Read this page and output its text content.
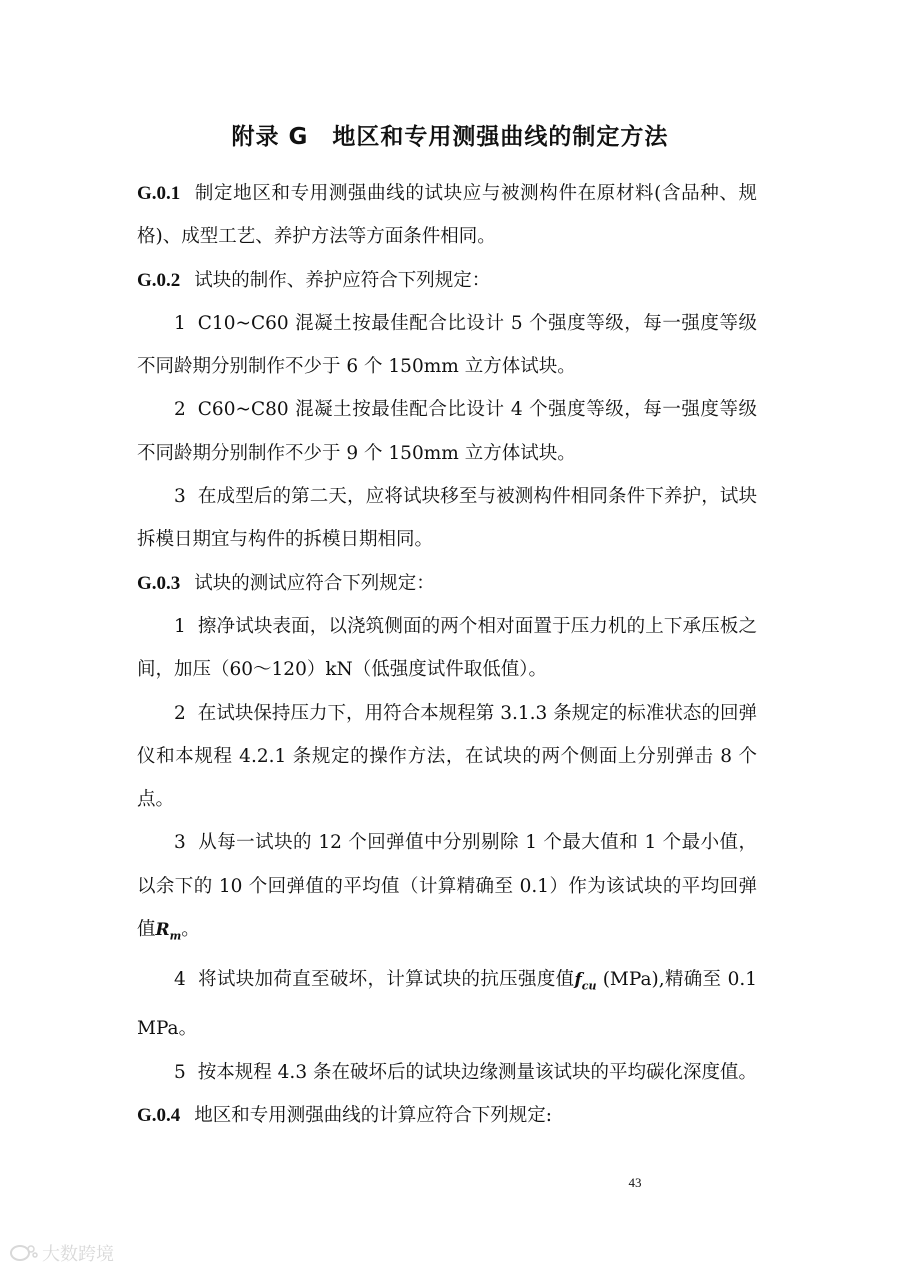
附录 G　地区和专用测强曲线的制定方法

G.0.1 制定地区和专用测强曲线的试块应与被测构件在原材料(含品种、规格)、成型工艺、养护方法等方面条件相同。

G.0.2 试块的制作、养护应符合下列规定：

1 C10~C60 混凝土按最佳配合比设计 5 个强度等级，每一强度等级不同龄期分别制作不少于 6 个 150mm 立方体试块。

2 C60~C80 混凝土按最佳配合比设计 4 个强度等级，每一强度等级不同龄期分别制作不少于 9 个 150mm 立方体试块。

3 在成型后的第二天，应将试块移至与被测构件相同条件下养护，试块拆模日期宜与构件的拆模日期相同。

G.0.3 试块的测试应符合下列规定：

1 擦净试块表面，以浇筑侧面的两个相对面置于压力机的上下承压板之间，加压（60～120）kN（低强度试件取低值）。

2 在试块保持压力下，用符合本规程第 3.1.3 条规定的标准状态的回弹仪和本规程 4.2.1 条规定的操作方法，在试块的两个侧面上分别弹击 8 个点。

3 从每一试块的 12 个回弹值中分别剔除 1 个最大值和 1 个最小值，以余下的 10 个回弹值的平均值（计算精确至 0.1）作为该试块的平均回弹值$R_m$。

4 将试块加荷直至破坏，计算试块的抗压强度值$f_{cu}$ (MPa),精确至 0.1 MPa。

5 按本规程 4.3 条在破坏后的试块边缘测量该试块的平均碳化深度值。

G.0.4 地区和专用测强曲线的计算应符合下列规定:

43
大数跨境
